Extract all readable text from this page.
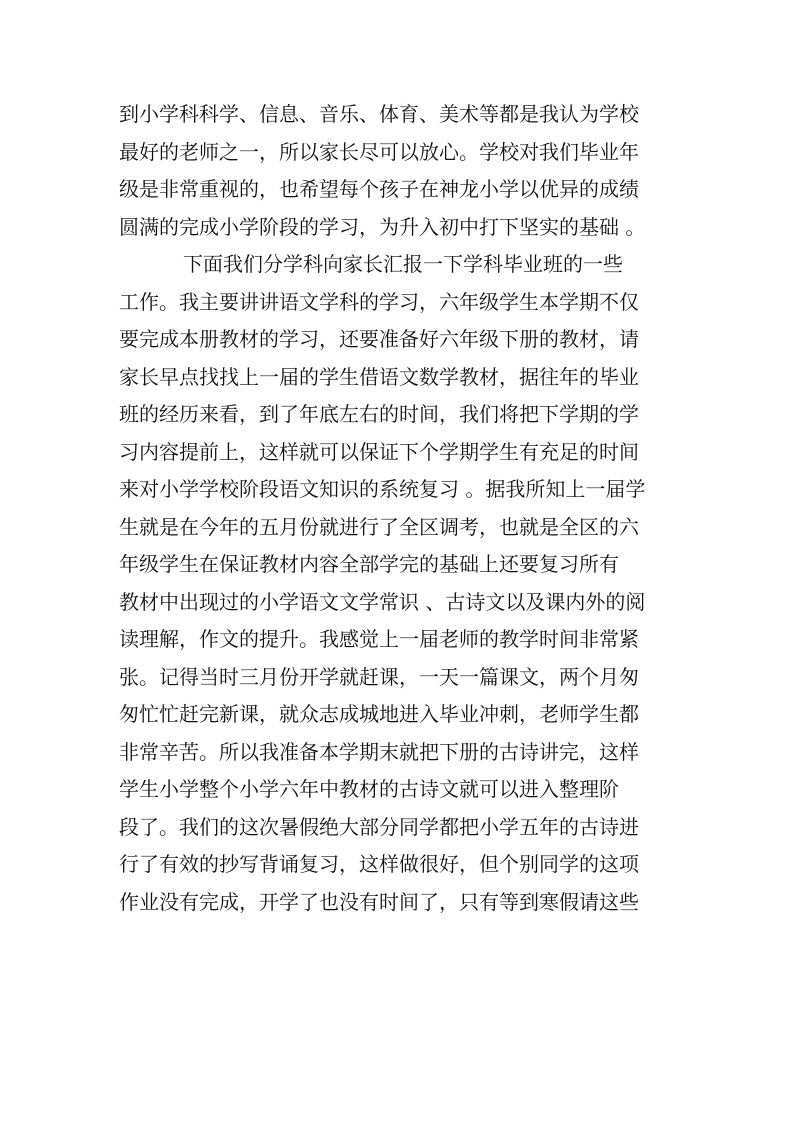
到小学科科学、信息、音乐、体育、美术等都是我认为学校
最好的老师之一，所以家长尽可以放心。学校对我们毕业年
级是非常重视的，也希望每个孩子在神龙小学以优异的成绩
圆满的完成小学阶段的学习，为升入初中打下坚实的基础 。
下面我们分学科向家长汇报一下学科毕业班的一些
工作。我主要讲讲语文学科的学习，六年级学生本学期不仅
要完成本册教材的学习，还要准备好六年级下册的教材，请
家长早点找找上一届的学生借语文数学教材，据往年的毕业
班的经历来看，到了年底左右的时间，我们将把下学期的学
习内容提前上，这样就可以保证下个学期学生有充足的时间
来对小学学校阶段语文知识的系统复习 。据我所知上一届学
生就是在今年的五月份就进行了全区调考，也就是全区的六
年级学生在保证教材内容全部学完的基础上还要复习所有
教材中出现过的小学语文文学常识 、古诗文以及课内外的阅
读理解，作文的提升。我感觉上一届老师的教学时间非常紧
张。记得当时三月份开学就赶课，一天一篇课文，两个月匆
匆忙忙赶完新课，就众志成城地进入毕业冲刺，老师学生都
非常辛苦。所以我准备本学期末就把下册的古诗讲完，这样
学生小学整个小学六年中教材的古诗文就可以进入整理阶
段了。我们的这次暑假绝大部分同学都把小学五年的古诗进
行了有效的抄写背诵复习，这样做很好，但个别同学的这项
作业没有完成，开学了也没有时间了，只有等到寒假请这些
